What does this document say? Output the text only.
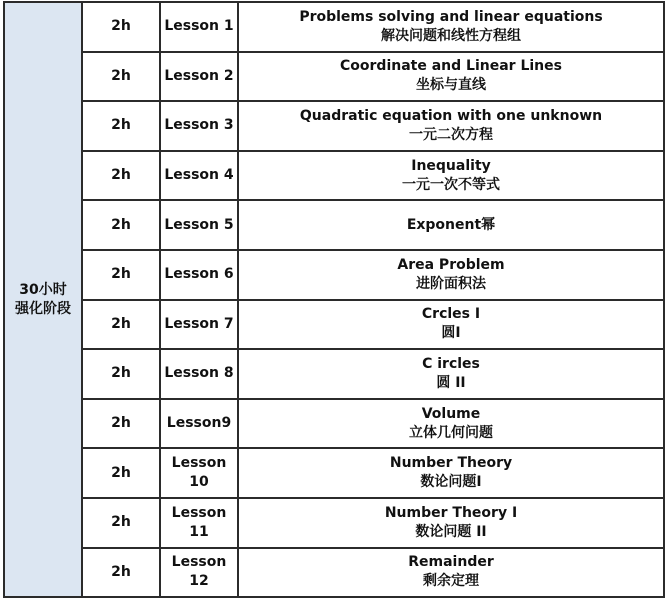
30小时
强化阶段	2h	Lesson 1	Problems solving and linear equations
解决问题和线性方程组

	2h	Lesson 2	Coordinate and Linear Lines
坐标与直线

	2h	Lesson 3	Quadratic equation with one unknown
一元二次方程

	2h	Lesson 4	Inequality
一元一次不等式

	2h	Lesson 5	Exponent幂

	2h	Lesson 6	Area Problem
进阶面积法

	2h	Lesson 7	Crcles I
圆I

	2h	Lesson 8	C ircles
圆 II

	2h	Lesson9	Volume
立体几何问题

	2h	Lesson 10	Number Theory
数论问题I

	2h	Lesson 11	Number Theory I
数论问题 II

	2h	Lesson 12	Remainder
剩余定理
